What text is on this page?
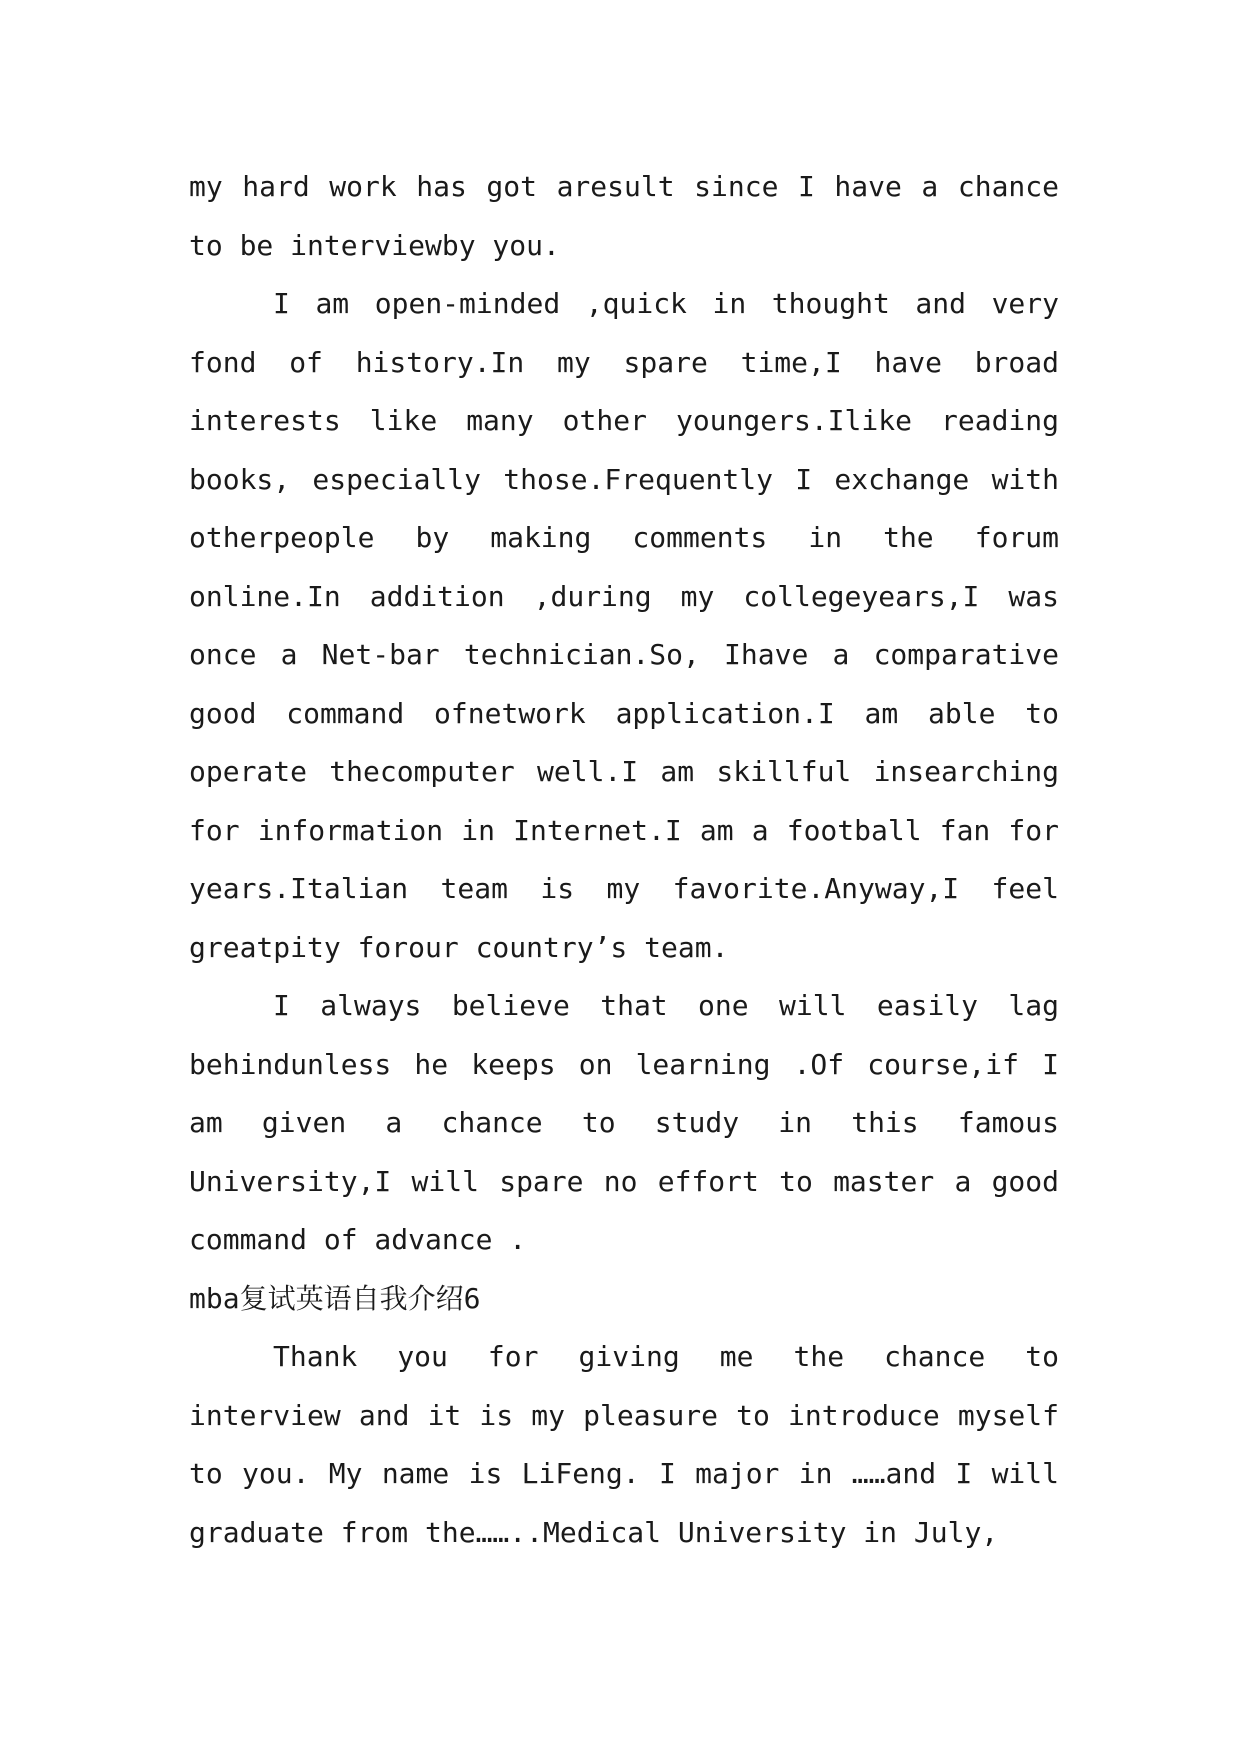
my hard work has got aresult since I have a chance to be interviewby you.

I am open-minded ,quick in thought and very fond of history.In my spare time,I have broad interests like many other youngers.Ilike reading books, especially those.Frequently I exchange with otherpeople by making comments in the forum online.In addition ,during my collegeyears,I was once a Net-bar technician.So, Ihave a comparative good command ofnetwork application.I am able to operate thecomputer well.I am skillful insearching for information in Internet.I am a football fan for years.Italian team is my favorite.Anyway,I feel greatpity forour country’s team.

I always believe that one will easily lag behindunless he keeps on learning .Of course,if I am given a chance to study in this famous University,I will spare no effort to master a good command of advance .

mba复试英语自我介绍6

Thank you for giving me the chance to interview and it is my pleasure to introduce myself to you. My name is LiFeng. I major in ……and I will graduate from the……..Medical University in July,
